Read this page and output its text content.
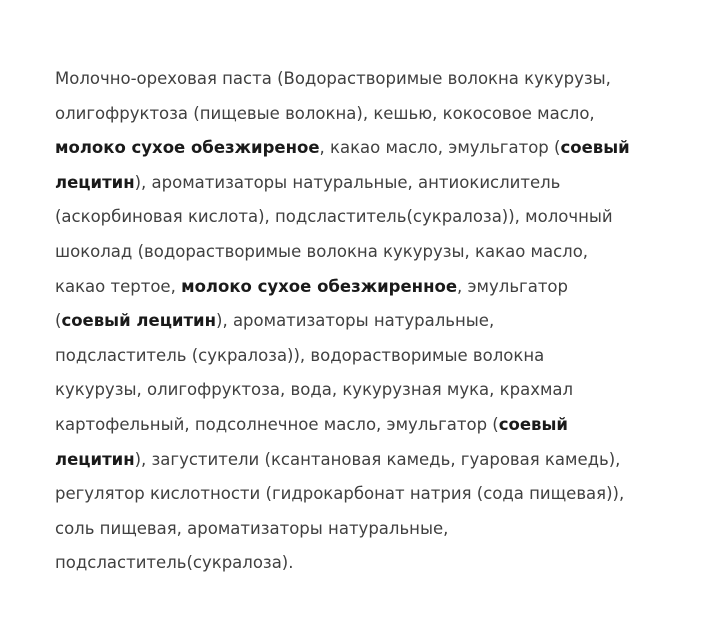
Молочно-ореховая паста (Водорастворимые волокна кукурузы,
олигофруктоза (пищевые волокна), кешью, кокосовое масло,
молоко сухое обезжиреное, какао масло, эмульгатор (соевый
лецитин), ароматизаторы натуральные, антиокислитель
(аскорбиновая кислота), подсластитель(сукралоза)), молочный
шоколад (водорастворимые волокна кукурузы, какао масло,
какао тертое, молоко сухое обезжиренное, эмульгатор
(соевый лецитин), ароматизаторы натуральные,
подсластитель (сукралоза)), водорастворимые волокна
кукурузы, олигофруктоза, вода, кукурузная мука, крахмал
картофельный, подсолнечное масло, эмульгатор (соевый
лецитин), загустители (ксантановая камедь, гуаровая камедь),
регулятор кислотности (гидрокарбонат натрия (сода пищевая)),
соль пищевая, ароматизаторы натуральные,
подсластитель(сукралоза).
